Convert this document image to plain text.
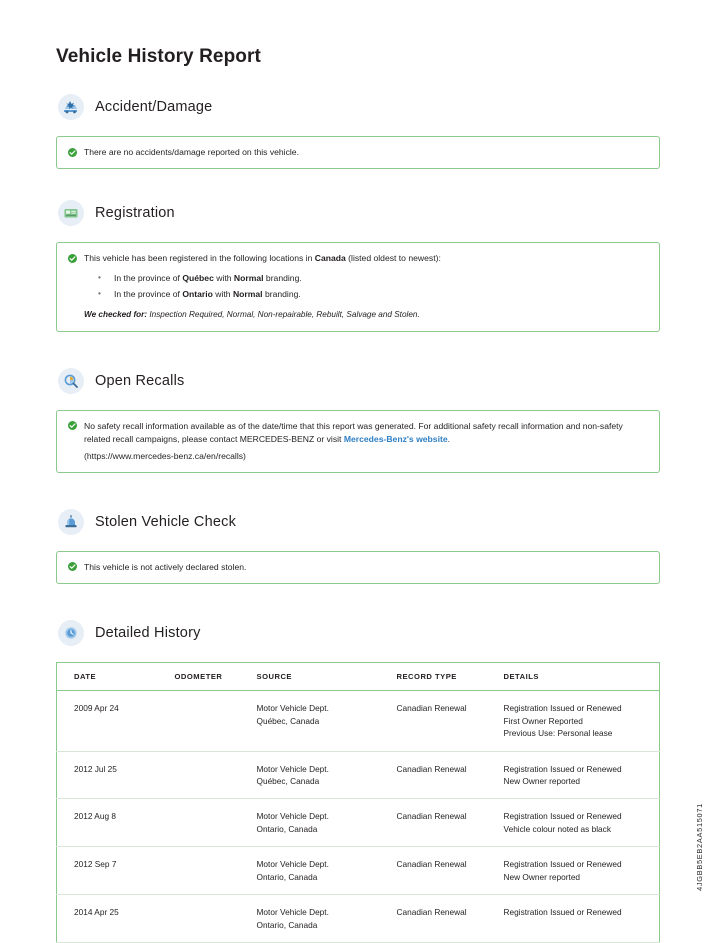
Vehicle History Report
Accident/Damage
There are no accidents/damage reported on this vehicle.
Registration
This vehicle has been registered in the following locations in Canada (listed oldest to newest):
• In the province of Québec with Normal branding.
• In the province of Ontario with Normal branding.
We checked for: Inspection Required, Normal, Non-repairable, Rebuilt, Salvage and Stolen.
Open Recalls
No safety recall information available as of the date/time that this report was generated. For additional safety recall information and non-safety related recall campaigns, please contact MERCEDES-BENZ or visit Mercedes-Benz's website.
(https://www.mercedes-benz.ca/en/recalls)
Stolen Vehicle Check
This vehicle is not actively declared stolen.
Detailed History
DATE	ODOMETER	SOURCE	RECORD TYPE	DETAILS
2009 Apr 24		Motor Vehicle Dept.
Québec, Canada	Canadian Renewal	Registration Issued or Renewed
First Owner Reported
Previous Use: Personal lease

2012 Jul 25		Motor Vehicle Dept.
Québec, Canada	Canadian Renewal	Registration Issued or Renewed
New Owner reported

2012 Aug 8		Motor Vehicle Dept.
Ontario, Canada	Canadian Renewal	Registration Issued or Renewed
Vehicle colour noted as black

2012 Sep 7		Motor Vehicle Dept.
Ontario, Canada	Canadian Renewal	Registration Issued or Renewed
New Owner reported

2014 Apr 25		Motor Vehicle Dept.
Ontario, Canada	Canadian Renewal	Registration Issued or Renewed
4JGBB5EB2AA515071
